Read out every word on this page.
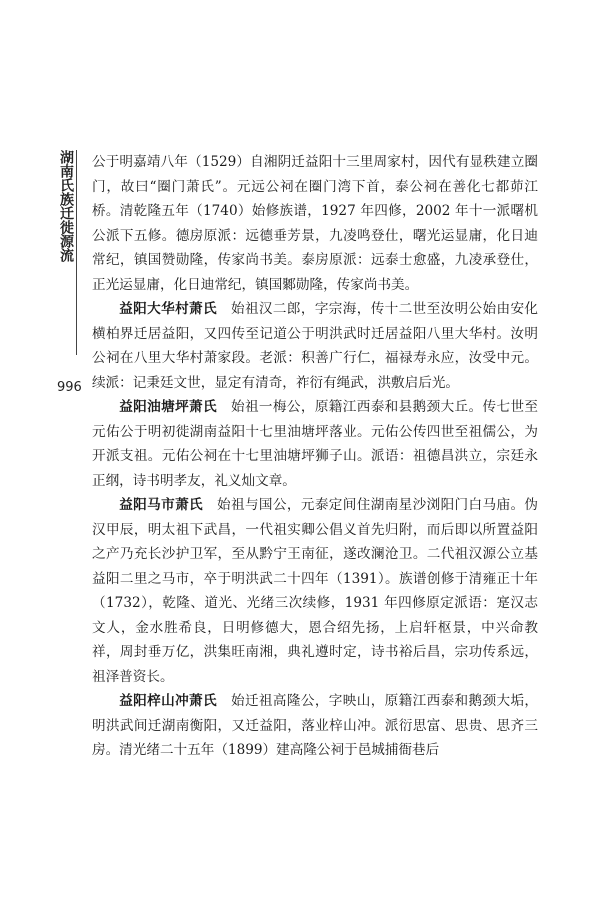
湖南氏族迁徙源流
996

公于明嘉靖八年（1529）自湘阴迁益阳十三里周家村，因代有显秩建立圈门，故曰“圈门萧氏”。元远公祠在圈门湾下首，泰公祠在善化七都茆江桥。清乾隆五年（1740）始修族谱，1927 年四修，2002 年十一派曙机公派下五修。德房原派：远德垂芳景，九凌鸣登仕，曙光运显庸，化日迪常纪，镇国赞勋隆，传家尚书美。泰房原派：远泰士愈盛，九凌承登仕，正光运显庸，化日迪常纪，镇国鄹勋隆，传家尚书美。

益阳大华村萧氏　 始祖汉二郎，字宗海，传十二世至汝明公始由安化横柏界迁居益阳，又四传至记道公于明洪武时迁居益阳八里大华村。汝明公祠在八里大华村萧家段。老派：积善广行仁，福禄寿永应，汝受中元。续派：记秉廷文世，显定有清奇，祚衍有绳武，洪敷启后光。

益阳油塘坪萧氏　 始祖一梅公，原籍江西泰和县鹅颈大丘。传七世至元佑公于明初徙湖南益阳十七里油塘坪落业。元佑公传四世至祖儒公，为开派支祖。元佑公祠在十七里油塘坪狮子山。派语：祖德昌洪立，宗廷永正纲，诗书明孝友，礼义灿文章。

益阳马市萧氏　 始祖与国公，元泰定间住湖南星沙浏阳门白马庙。伪汉甲辰，明太祖下武昌，一代祖实卿公倡义首先归附，而后即以所置益阳之产乃充长沙护卫军，至从黔宁王南征，遂改澜沧卫。二代祖汉源公立基益阳二里之马市，卒于明洪武二十四年（1391）。族谱创修于清雍正十年（1732），乾隆、道光、光绪三次续修，1931 年四修原定派语：寔汉志文人，金水胜希良，日明修德大，恩合绍先扬，上启轩枢景，中兴命教祥，周封垂万亿，洪集旺南湘，典礼遵时定，诗书裕后昌，宗功传系远，祖泽普资长。

益阳梓山冲萧氏　 始迁祖高隆公，字映山，原籍江西泰和鹅颈大垢，明洪武间迁湖南衡阳，又迁益阳，落业梓山冲。派衍思富、思贵、思齐三房。清光绪二十五年（1899）建高隆公祠于邑城捕衙巷后
